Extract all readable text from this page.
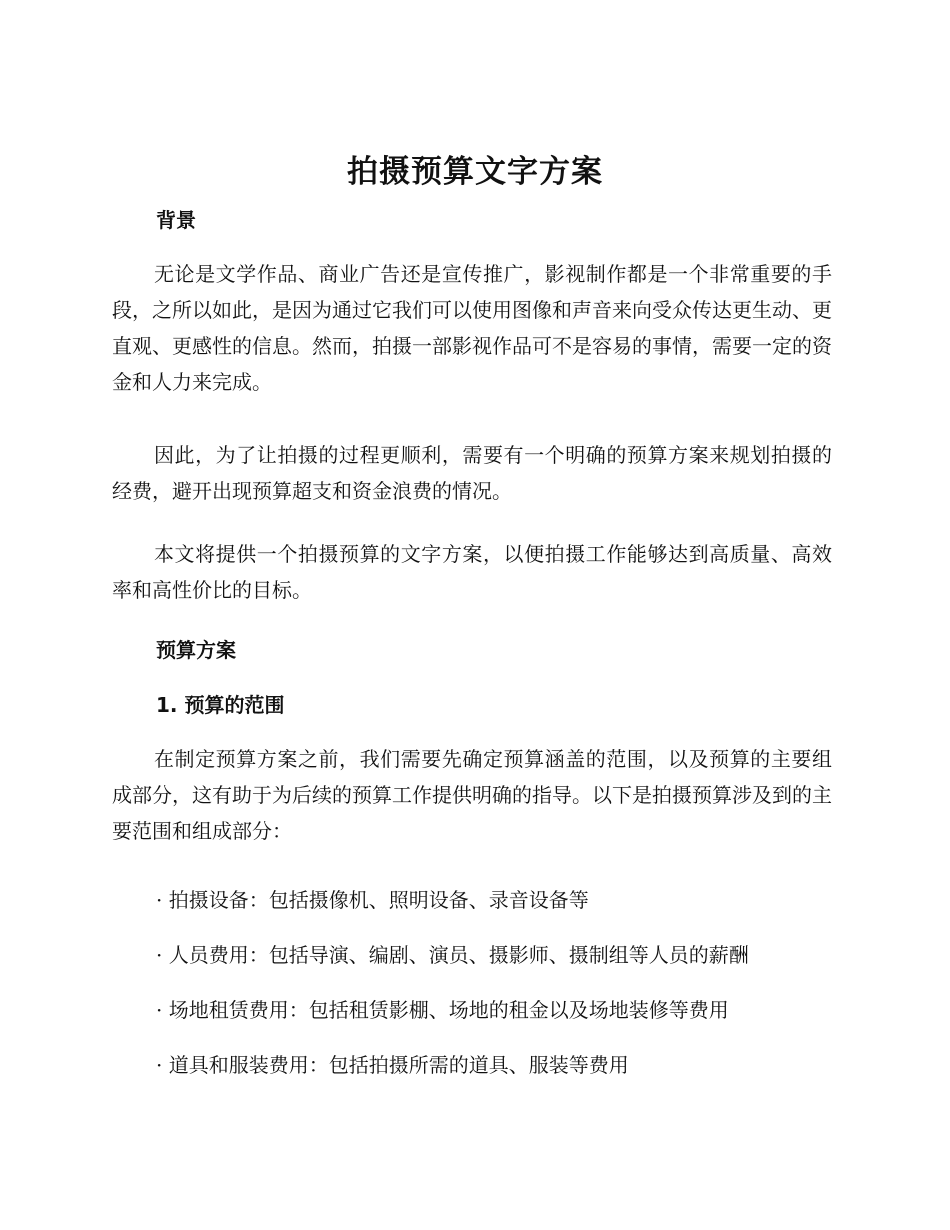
拍摄预算文字方案
背景

无论是文学作品、商业广告还是宣传推广，影视制作都是一个非常重要的手段，之所以如此，是因为通过它我们可以使用图像和声音来向受众传达更生动、更直观、更感性的信息。然而，拍摄一部影视作品可不是容易的事情，需要一定的资金和人力来完成。

因此，为了让拍摄的过程更顺利，需要有一个明确的预算方案来规划拍摄的经费，避开出现预算超支和资金浪费的情况。

本文将提供一个拍摄预算的文字方案，以便拍摄工作能够达到高质量、高效率和高性价比的目标。

预算方案
1. 预算的范围

在制定预算方案之前，我们需要先确定预算涵盖的范围，以及预算的主要组成部分，这有助于为后续的预算工作提供明确的指导。以下是拍摄预算涉及到的主要范围和组成部分：

· 拍摄设备：包括摄像机、照明设备、录音设备等

· 人员费用：包括导演、编剧、演员、摄影师、摄制组等人员的薪酬

· 场地租赁费用：包括租赁影棚、场地的租金以及场地装修等费用

· 道具和服装费用：包括拍摄所需的道具、服装等费用
